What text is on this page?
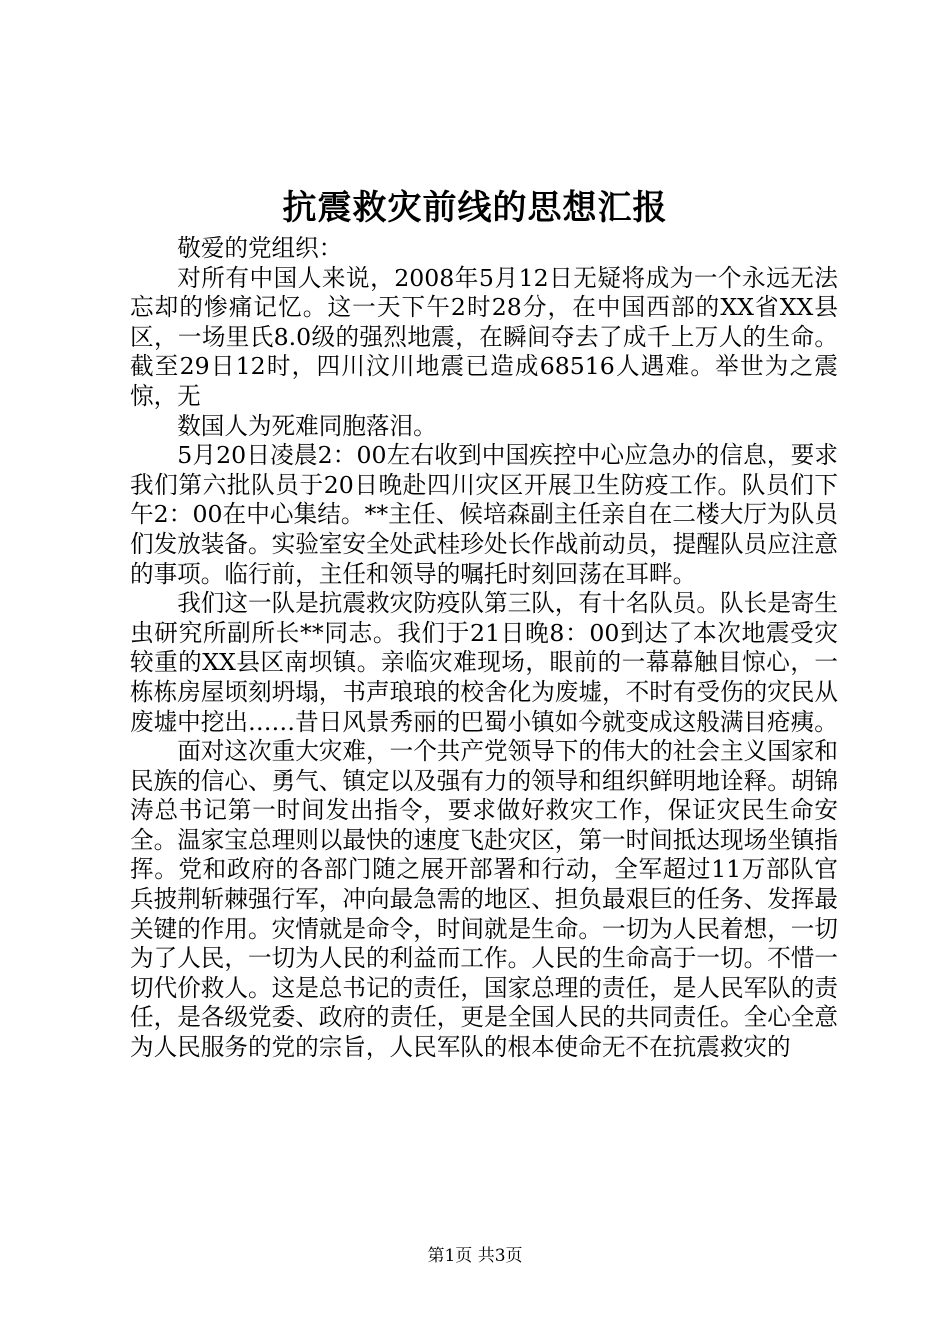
抗震救灾前线的思想汇报

敬爱的党组织：

对所有中国人来说，2008年5月12日无疑将成为一个永远无法忘却的惨痛记忆。这一天下午2时28分，在中国西部的XX省XX县区，一场里氏8.0级的强烈地震，在瞬间夺去了成千上万人的生命。截至29日12时，四川汶川地震已造成68516人遇难。举世为之震惊，无

数国人为死难同胞落泪。

5月20日凌晨2：00左右收到中国疾控中心应急办的信息，要求我们第六批队员于20日晚赴四川灾区开展卫生防疫工作。队员们下午2：00在中心集结。**主任、候培森副主任亲自在二楼大厅为队员们发放装备。实验室安全处武桂珍处长作战前动员，提醒队员应注意的事项。临行前，主任和领导的嘱托时刻回荡在耳畔。

我们这一队是抗震救灾防疫队第三队，有十名队员。队长是寄生虫研究所副所长**同志。我们于21日晚8：00到达了本次地震受灾较重的XX县区南坝镇。亲临灾难现场，眼前的一幕幕触目惊心，一栋栋房屋顷刻坍塌，书声琅琅的校舍化为废墟，不时有受伤的灾民从废墟中挖出……昔日风景秀丽的巴蜀小镇如今就变成这般满目疮痍。

面对这次重大灾难，一个共产党领导下的伟大的社会主义国家和民族的信心、勇气、镇定以及强有力的领导和组织鲜明地诠释。胡锦涛总书记第一时间发出指令，要求做好救灾工作，保证灾民生命安全。温家宝总理则以最快的速度飞赴灾区，第一时间抵达现场坐镇指挥。党和政府的各部门随之展开部署和行动，全军超过11万部队官兵披荆斩棘强行军，冲向最急需的地区、担负最艰巨的任务、发挥最关键的作用。灾情就是命令，时间就是生命。一切为人民着想，一切为了人民，一切为人民的利益而工作。人民的生命高于一切。不惜一切代价救人。这是总书记的责任，国家总理的责任，是人民军队的责任，是各级党委、政府的责任，更是全国人民的共同责任。全心全意为人民服务的党的宗旨，人民军队的根本使命无不在抗震救灾的

第1页 共3页
